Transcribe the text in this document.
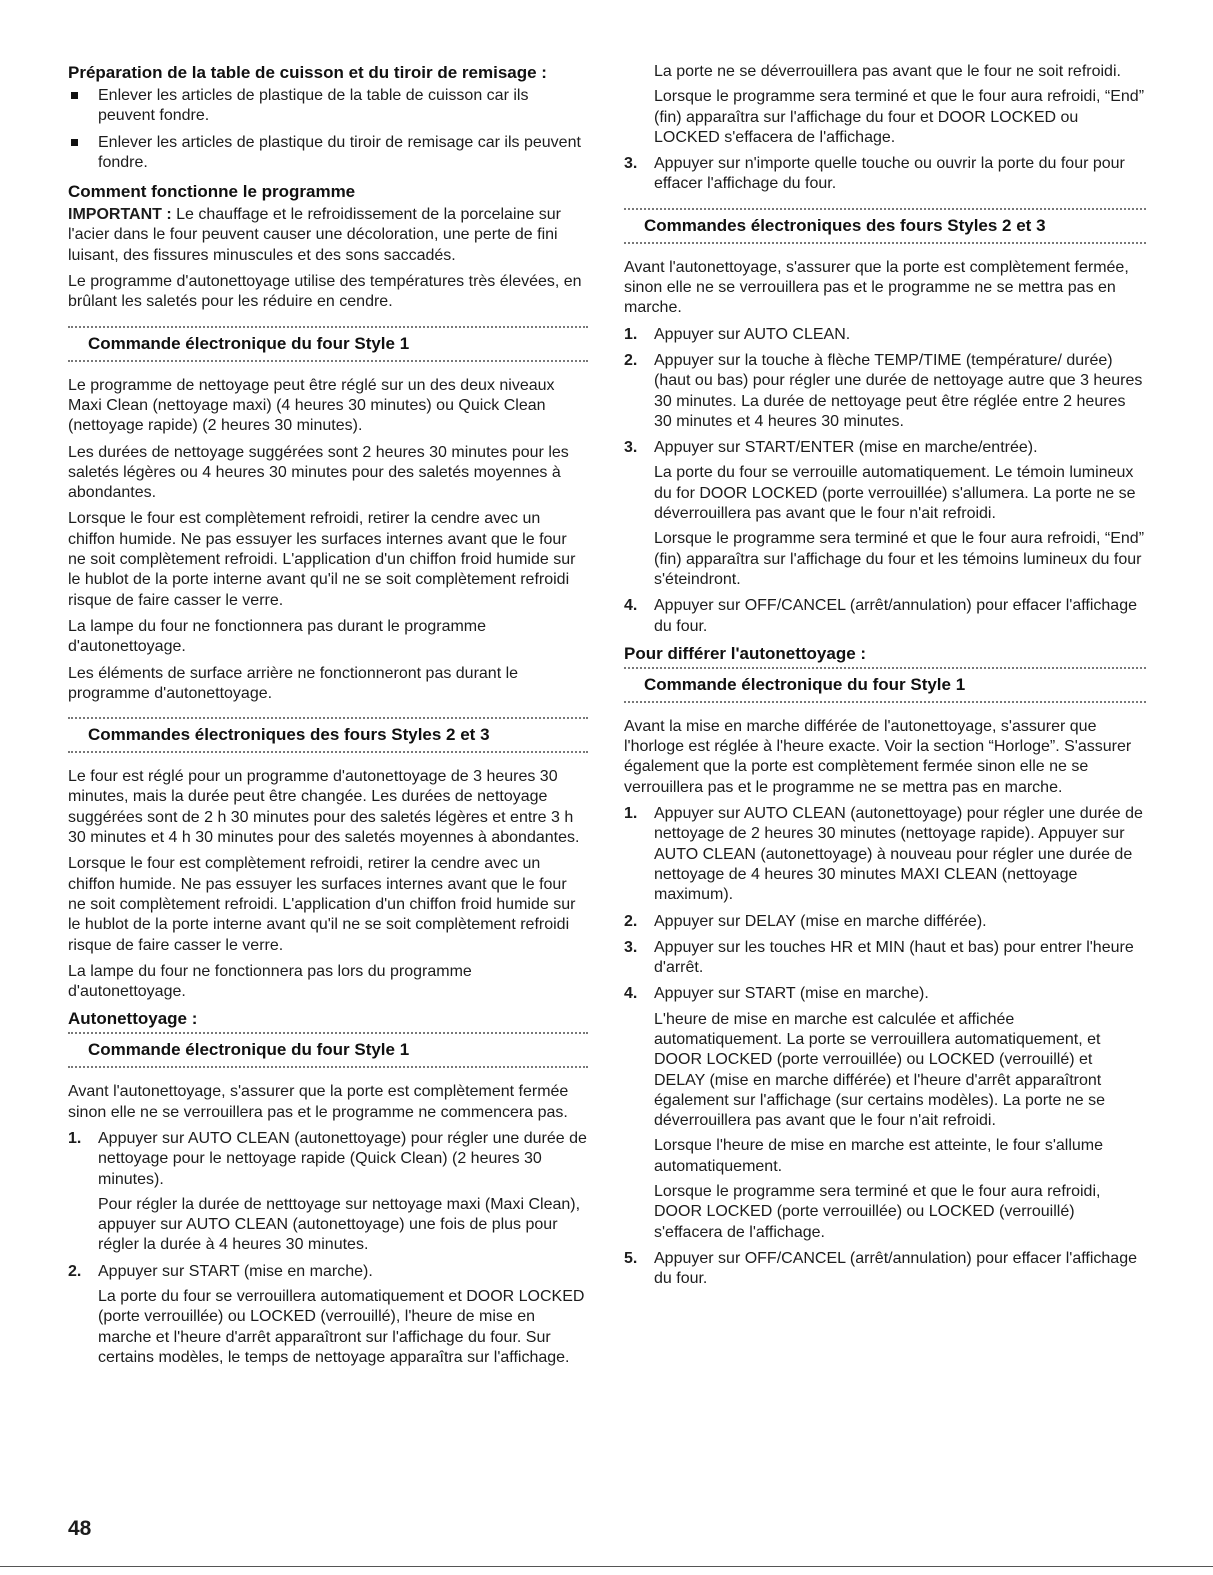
Préparation de la table de cuisson et du tiroir de remisage :
Enlever les articles de plastique de la table de cuisson car ils peuvent fondre.
Enlever les articles de plastique du tiroir de remisage car ils peuvent fondre.
Comment fonctionne le programme

IMPORTANT : Le chauffage et le refroidissement de la porcelaine sur l'acier dans le four peuvent causer une décoloration, une perte de fini luisant, des fissures minuscules et des sons saccadés.

Le programme d'autonettoyage utilise des températures très élevées, en brûlant les saletés pour les réduire en cendre.

Commande électronique du four Style 1

Le programme de nettoyage peut être réglé sur un des deux niveaux Maxi Clean (nettoyage maxi) (4 heures 30 minutes) ou Quick Clean (nettoyage rapide) (2 heures 30 minutes).

Les durées de nettoyage suggérées sont 2 heures 30 minutes pour les saletés légères ou 4 heures 30 minutes pour des saletés moyennes à abondantes.

Lorsque le four est complètement refroidi, retirer la cendre avec un chiffon humide. Ne pas essuyer les surfaces internes avant que le four ne soit complètement refroidi. L'application d'un chiffon froid humide sur le hublot de la porte interne avant qu'il ne se soit complètement refroidi risque de faire casser le verre.

La lampe du four ne fonctionnera pas durant le programme d'autonettoyage.

Les éléments de surface arrière ne fonctionneront pas durant le programme d'autonettoyage.

Commandes électroniques des fours Styles 2 et 3

Le four est réglé pour un programme d'autonettoyage de 3 heures 30 minutes, mais la durée peut être changée. Les durées de nettoyage suggérées sont de 2 h 30 minutes pour des saletés légères et entre 3 h 30 minutes et 4 h 30 minutes pour des saletés moyennes à abondantes.

Lorsque le four est complètement refroidi, retirer la cendre avec un chiffon humide. Ne pas essuyer les surfaces internes avant que le four ne soit complètement refroidi. L'application d'un chiffon froid humide sur le hublot de la porte interne avant qu'il ne se soit complètement refroidi risque de faire casser le verre.

La lampe du four ne fonctionnera pas lors du programme d'autonettoyage.

Autonettoyage :
Commande électronique du four Style 1

Avant l'autonettoyage, s'assurer que la porte est complètement fermée sinon elle ne se verrouillera pas et le programme ne commencera pas.

1. Appuyer sur AUTO CLEAN (autonettoyage) pour régler une durée de nettoyage pour le nettoyage rapide (Quick Clean) (2 heures 30 minutes).

Pour régler la durée de netttoyage sur nettoyage maxi (Maxi Clean), appuyer sur AUTO CLEAN (autonettoyage) une fois de plus pour régler la durée à 4 heures 30 minutes.

2. Appuyer sur START (mise en marche).

La porte du four se verrouillera automatiquement et DOOR LOCKED (porte verrouillée) ou LOCKED (verrouillé), l'heure de mise en marche et l'heure d'arrêt apparaîtront sur l'affichage du four. Sur certains modèles, le temps de nettoyage apparaîtra sur l'affichage.

La porte ne se déverrouillera pas avant que le four ne soit refroidi.

Lorsque le programme sera terminé et que le four aura refroidi, “End” (fin) apparaîtra sur l'affichage du four et DOOR LOCKED ou LOCKED s'effacera de l'affichage.

3. Appuyer sur n'importe quelle touche ou ouvrir la porte du four pour effacer l'affichage du four.
Commandes électroniques des fours Styles 2 et 3

Avant l'autonettoyage, s'assurer que la porte est complètement fermée, sinon elle ne se verrouillera pas et le programme ne se mettra pas en marche.

1. Appuyer sur AUTO CLEAN.
2. Appuyer sur la touche à flèche TEMP/TIME (température/ durée) (haut ou bas) pour régler une durée de nettoyage autre que 3 heures 30 minutes. La durée de nettoyage peut être réglée entre 2 heures 30 minutes et 4 heures 30 minutes.
3. Appuyer sur START/ENTER (mise en marche/entrée).

La porte du four se verrouille automatiquement. Le témoin lumineux du for DOOR LOCKED (porte verrouillée) s'allumera. La porte ne se déverrouillera pas avant que le four n'ait refroidi.

Lorsque le programme sera terminé et que le four aura refroidi, “End” (fin) apparaîtra sur l'affichage du four et les témoins lumineux du four s'éteindront.

4. Appuyer sur OFF/CANCEL (arrêt/annulation) pour effacer l'affichage du four.
Pour différer l'autonettoyage :
Commande électronique du four Style 1

Avant la mise en marche différée de l'autonettoyage, s'assurer que l'horloge est réglée à l'heure exacte. Voir la section “Horloge”. S'assurer également que la porte est complètement fermée sinon elle ne se verrouillera pas et le programme ne se mettra pas en marche.

1. Appuyer sur AUTO CLEAN (autonettoyage) pour régler une durée de nettoyage de 2 heures 30 minutes (nettoyage rapide). Appuyer sur AUTO CLEAN (autonettoyage) à nouveau pour régler une durée de nettoyage de 4 heures 30 minutes MAXI CLEAN (nettoyage maximum).
2. Appuyer sur DELAY (mise en marche différée).
3. Appuyer sur les touches HR et MIN (haut et bas) pour entrer l'heure d'arrêt.
4. Appuyer sur START (mise en marche).

L'heure de mise en marche est calculée et affichée automatiquement. La porte se verrouillera automatiquement, et DOOR LOCKED (porte verrouillée) ou LOCKED (verrouillé) et DELAY (mise en marche différée) et l'heure d'arrêt apparaîtront également sur l'affichage (sur certains modèles). La porte ne se déverrouillera pas avant que le four n'ait refroidi.

Lorsque l'heure de mise en marche est atteinte, le four s'allume automatiquement.

Lorsque le programme sera terminé et que le four aura refroidi, DOOR LOCKED (porte verrouillée) ou LOCKED (verrouillé) s'effacera de l'affichage.

5. Appuyer sur OFF/CANCEL (arrêt/annulation) pour effacer l'affichage du four.
48
